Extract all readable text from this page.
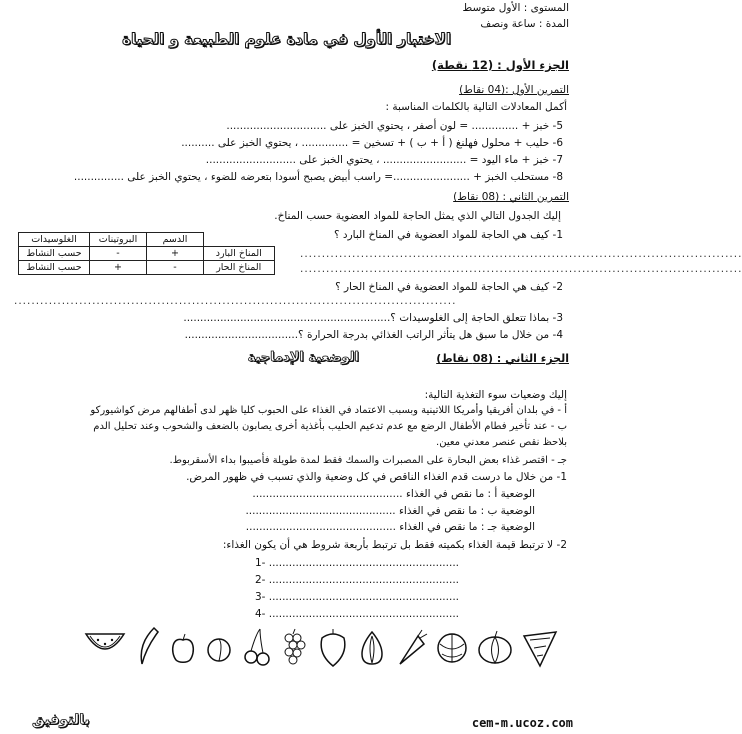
المستوى : الأول متوسط
المدة : ساعة ونصف
الاختبار الأول في مادة علوم الطبيعة و الحياة
الجزء الأول : (12 نقطة)
التمرين الأول :(04 نقاط)
أكمل المعادلات التالية بالكلمات المناسبة :
5- خبز + .............. = لون أصفر ، يحتوي الخبز على ..............................
6- حليب + محلول فهلنغ ( أ + ب ) + تسخين = .............. ، يحتوي الخبز على ..........
7- خبز + ماء اليود = ......................... ، يحتوي الخبز على ...........................
8- مستحلب الخبز + .......................= راسب أبيض يصبح أسودا بتعرضه للضوء ، يحتوي الخبز على ...............
التمرين الثاني : (08 نقاط)
إليك الجدول التالي الذي يمثل الحاجة للمواد العضوية حسب المناخ.
	الدسم	البروتينات	الغلوسيدات
المناخ البارد	+	-	حسب النشاط
المناخ الحار	-	+	حسب النشاط
1- كيف هي الحاجة للمواد العضوية في المناخ البارد ؟
......................................................................................................
......................................................................................................
2- كيف هي الحاجة للمواد العضوية في المناخ الحار ؟
......................................................................................................
3- بماذا تتعلق الحاجة إلى الغلوسيدات ؟..............................................................
4- من خلال ما سبق هل يتأثر الراتب الغذائي بدرجة الحرارة ؟..................................
الجزء الثاني : (08 نقاط)
الوضعية الإدماجية
إليك وضعيات سوء التغذية التالية:
أ - في بلدان أفريقيا وأمريكا اللاتينية وبسبب الاعتماد في الغذاء على الحبوب كليا ظهر لدى أطفالهم مرض كواشيوركو
ب - عند تأخير فطام الأطفال الرضع مع عدم تدعيم الحليب بأغذية أخرى يصابون بالضعف والشحوب وعند تحليل الدم
بلاحظ نقص عنصر معدني معين.
جـ - اقتصر غذاء بعض البحارة على المصبرات والسمك فقط لمدة طويلة فأصيبوا بداء الأسقربوط.
1- من خلال ما درست قدم الغذاء الناقص في كل وضعية والذي تسبب في ظهور المرض.
الوضعية أ : ما نقص في الغذاء .............................................
الوضعية ب : ما نقص في الغذاء .............................................
الوضعية جـ : ما نقص في الغذاء .............................................
2- لا ترتبط قيمة الغذاء بكميته فقط بل ترتبط بأربعة شروط هي أن يكون الغذاء:
1- .........................................................
2- .........................................................
3- .........................................................
4- .........................................................
بالتوفيق	cem-m.ucoz.com
